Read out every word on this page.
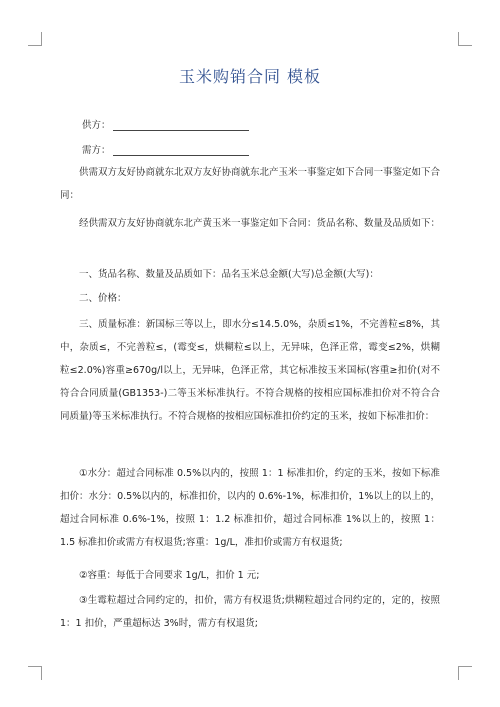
玉米购销合同 模板
供方：
需方：

供需双方友好协商就东北双方友好协商就东北产玉米一事鉴定如下合同一事鉴定如下合同：

经供需双方友好协商就东北产黄玉米一事鉴定如下合同：货品名称、数量及品质如下：

一、货品名称、数量及品质如下：品名玉米总金额(大写)总金额(大写)：

二、价格：

三、质量标准：新国标三等以上，即水分≤14.5.0%，杂质≤1%，不完善粒≤8%，其中，杂质≤，不完善粒≤，(霉变≤，烘糊粒≤以上，无异味，色泽正常，霉变≤2%，烘糊粒≤2.0%)容重≥670g/l以上，无异味，色泽正常，其它标准按玉米国标(容重≥扣价(对不符合合同质量(GB1353-)二等玉米标准执行。不符合规格的按相应国标准扣价对不符合合同质量)等玉米标准执行。不符合规格的按相应国标准扣价约定的玉米，按如下标准扣价：

①水分：超过合同标准 0.5%以内的，按照 1：1 标准扣价，约定的玉米，按如下标准扣价：水分：0.5%以内的，标准扣价，以内的 0.6%-1%，标准扣价，1%以上的以上的，超过合同标准 0.6%-1%，按照 1：1.2 标准扣价，超过合同标准 1%以上的，按照 1：1.5 标准扣价或需方有权退货;容重：1g/L，准扣价或需方有权退货;

②容重：每低于合同要求 1g/L，扣价 1 元;

③生霉粒超过合同约定的，扣价，需方有权退货;烘糊粒超过合同约定的，定的，按照 1：1 扣价，严重超标达 3%时，需方有权退货;
